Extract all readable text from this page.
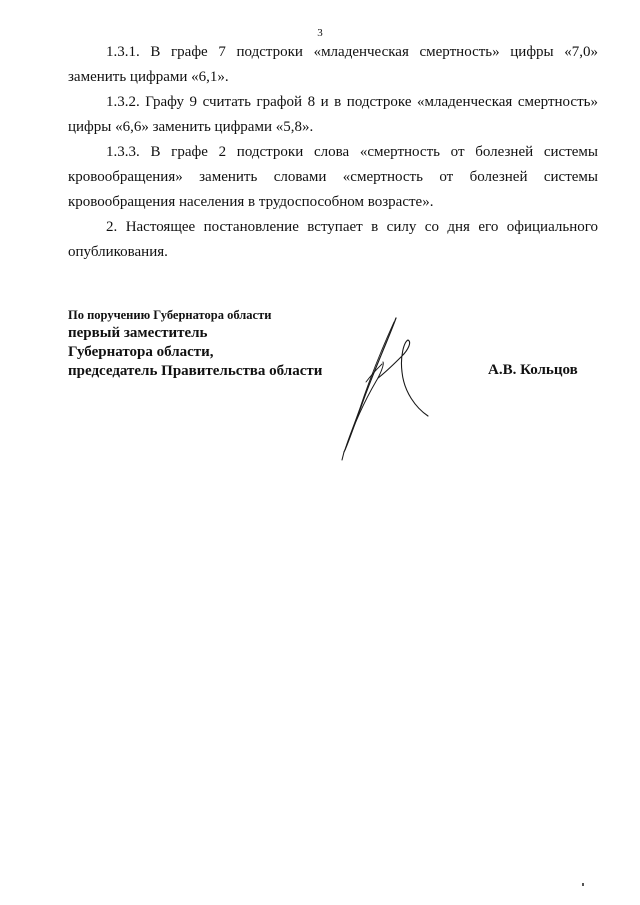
3

1.3.1. В графе 7 подстроки «младенческая смертность» цифры «7,0» заменить цифрами «6,1».

1.3.2. Графу 9 считать графой 8 и в подстроке «младенческая смертность» цифры «6,6» заменить цифрами «5,8».

1.3.3. В графе 2 подстроки слова «смертность от болезней системы кровообращения» заменить словами «смертность от болезней системы кровообращения населения в трудоспособном возрасте».

2. Настоящее постановление вступает в силу со дня его официального опубликования.

По поручению Губернатора области
первый заместитель
Губернатора области,
председатель Правительства области	А.В. Кольцов
